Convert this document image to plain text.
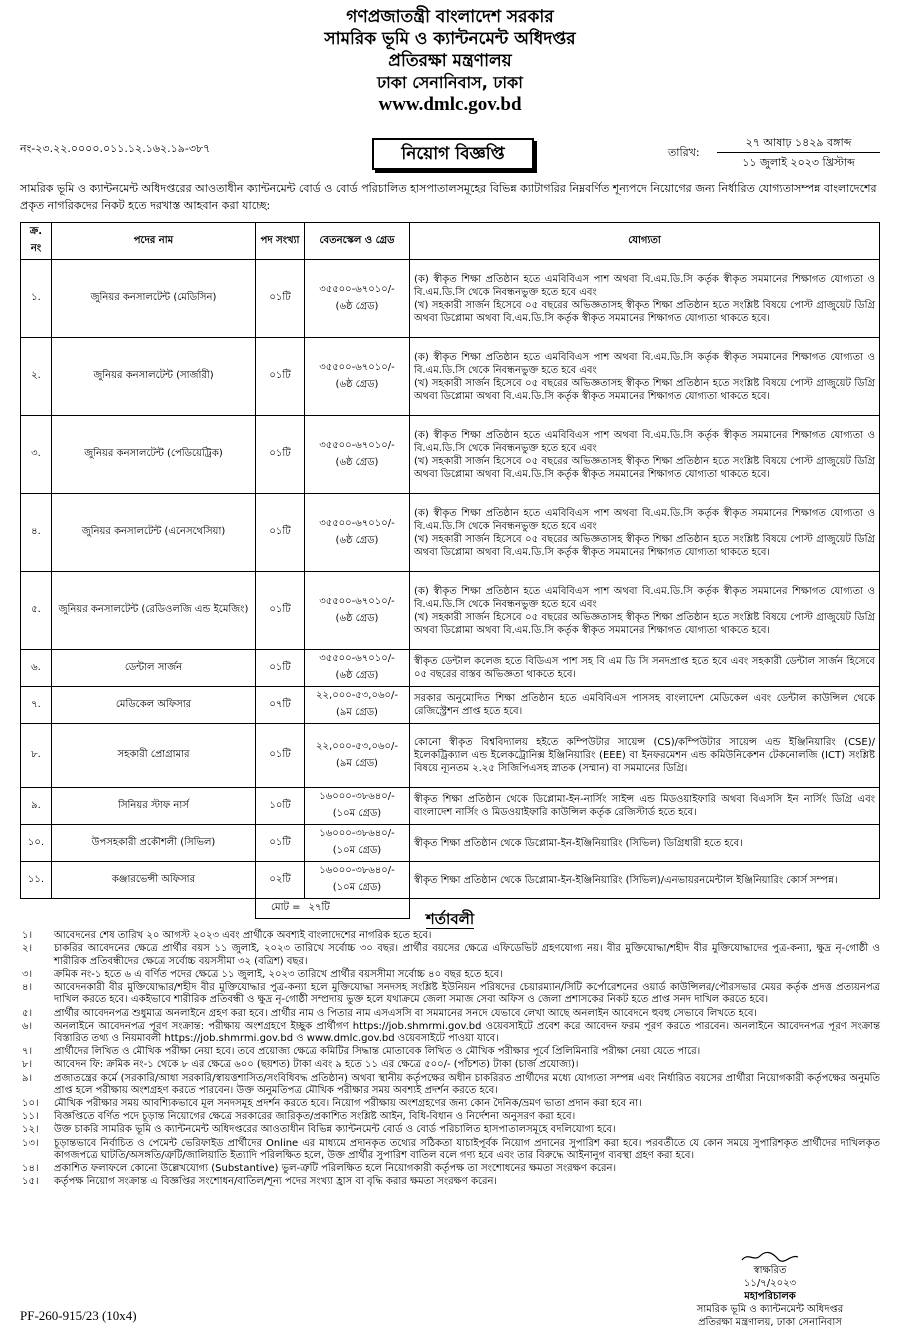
গণপ্রজাতন্ত্রী বাংলাদেশ সরকার
সামরিক ভূমি ও ক্যান্টনমেন্ট অধিদপ্তর
প্রতিরক্ষা মন্ত্রণালয়
ঢাকা সেনানিবাস, ঢাকা
www.dmlc.gov.bd
নং-২৩.২২.০০০০.০১১.১২.১৬২.১৯-৩৮৭	নিয়োগ বিজ্ঞপ্তি	তারিখ:
২৭ আষাঢ় ১৪২৯ বঙ্গাব্দ
১১ জুলাই ২০২৩ খ্রিস্টাব্দ
সামরিক ভূমি ও ক্যান্টনমেন্ট অধিদপ্তরের আওতাধীন ক্যান্টনমেন্ট বোর্ড ও বোর্ড পরিচালিত হাসপাতালসমূহের বিভিন্ন ক্যাটাগরির নিম্নবর্ণিত শূন্যপদে নিয়োগের জন্য নির্ধারিত যোগ্যতাসম্পন্ন বাংলাদেশের প্রকৃত নাগরিকদের নিকট হতে দরখাস্ত আহবান করা যাচ্ছে:
ক্র. নং	পদের নাম	পদ সংখ্যা	বেতনস্কেল ও গ্রেড	যোগ্যতা
১.	জুনিয়র কনসালটেন্ট (মেডিসিন)	০১টি	৩৫৫০০-৬৭০১০/-
(৬ষ্ঠ গ্রেড)	(ক) স্বীকৃত শিক্ষা প্রতিষ্ঠান হতে এমবিবিএস পাশ অথবা বি.এম.ডি.সি কর্তৃক স্বীকৃত সমমানের শিক্ষাগত যোগ্যতা ও বি.এম.ডি.সি থেকে নিবন্ধনভুক্ত হতে হবে এবং
(খ) সহকারী সার্জন হিসেবে ০৫ বছরের অভিজ্ঞতাসহ স্বীকৃত শিক্ষা প্রতিষ্ঠান হতে সংশ্লিষ্ট বিষয়ে পোস্ট গ্রাজুয়েট ডিগ্রি অথবা ডিপ্লোমা অথবা বি.এম.ডি.সি কর্তৃক স্বীকৃত সমমানের শিক্ষাগত যোগ্যতা থাকতে হবে।

২.	জুনিয়র কনসালটেন্ট (সার্জারী)	০১টি	৩৫৫০০-৬৭০১০/-
(৬ষ্ঠ গ্রেড)	(ক) স্বীকৃত শিক্ষা প্রতিষ্ঠান হতে এমবিবিএস পাশ অথবা বি.এম.ডি.সি কর্তৃক স্বীকৃত সমমানের শিক্ষাগত যোগ্যতা ও বি.এম.ডি.সি থেকে নিবন্ধনভুক্ত হতে হবে এবং
(খ) সহকারী সার্জন হিসেবে ০৫ বছরের অভিজ্ঞতাসহ স্বীকৃত শিক্ষা প্রতিষ্ঠান হতে সংশ্লিষ্ট বিষয়ে পোস্ট গ্রাজুয়েট ডিগ্রি অথবা ডিপ্লোমা অথবা বি.এম.ডি.সি কর্তৃক স্বীকৃত সমমানের শিক্ষাগত যোগ্যতা থাকতে হবে।

৩.	জুনিয়র কনসালটেন্ট (পেডিয়েট্রিক)	০১টি	৩৫৫০০-৬৭০১০/-
(৬ষ্ঠ গ্রেড)	(ক) স্বীকৃত শিক্ষা প্রতিষ্ঠান হতে এমবিবিএস পাশ অথবা বি.এম.ডি.সি কর্তৃক স্বীকৃত সমমানের শিক্ষাগত যোগ্যতা ও বি.এম.ডি.সি থেকে নিবন্ধনভুক্ত হতে হবে এবং
(খ) সহকারী সার্জন হিসেবে ০৫ বছরের অভিজ্ঞতাসহ স্বীকৃত শিক্ষা প্রতিষ্ঠান হতে সংশ্লিষ্ট বিষয়ে পোস্ট গ্রাজুয়েট ডিগ্রি অথবা ডিপ্লোমা অথবা বি.এম.ডি.সি কর্তৃক স্বীকৃত সমমানের শিক্ষাগত যোগ্যতা থাকতে হবে।

৪.	জুনিয়র কনসালটেন্ট (এনেসথেসিয়া)	০১টি	৩৫৫০০-৬৭০১০/-
(৬ষ্ঠ গ্রেড)	(ক) স্বীকৃত শিক্ষা প্রতিষ্ঠান হতে এমবিবিএস পাশ অথবা বি.এম.ডি.সি কর্তৃক স্বীকৃত সমমানের শিক্ষাগত যোগ্যতা ও বি.এম.ডি.সি থেকে নিবন্ধনভুক্ত হতে হবে এবং
(খ) সহকারী সার্জন হিসেবে ০৫ বছরের অভিজ্ঞতাসহ স্বীকৃত শিক্ষা প্রতিষ্ঠান হতে সংশ্লিষ্ট বিষয়ে পোস্ট গ্রাজুয়েট ডিগ্রি অথবা ডিপ্লোমা অথবা বি.এম.ডি.সি কর্তৃক স্বীকৃত সমমানের শিক্ষাগত যোগ্যতা থাকতে হবে।

৫.	জুনিয়র কনসালটেন্ট (রেডিওলজি এন্ড ইমেজিং)	০১টি	৩৫৫০০-৬৭০১০/-
(৬ষ্ঠ গ্রেড)	(ক) স্বীকৃত শিক্ষা প্রতিষ্ঠান হতে এমবিবিএস পাশ অথবা বি.এম.ডি.সি কর্তৃক স্বীকৃত সমমানের শিক্ষাগত যোগ্যতা ও বি.এম.ডি.সি থেকে নিবন্ধনভুক্ত হতে হবে এবং
(খ) সহকারী সার্জন হিসেবে ০৫ বছরের অভিজ্ঞতাসহ স্বীকৃত শিক্ষা প্রতিষ্ঠান হতে সংশ্লিষ্ট বিষয়ে পোস্ট গ্রাজুয়েট ডিগ্রি অথবা ডিপ্লোমা অথবা বি.এম.ডি.সি কর্তৃক স্বীকৃত সমমানের শিক্ষাগত যোগ্যতা থাকতে হবে।

৬.	ডেন্টাল সার্জন	০১টি	৩৫৫০০-৬৭০১০/-
(৬ষ্ঠ গ্রেড)	স্বীকৃত ডেন্টাল কলেজ হতে বিডিএস পাশ সহ বি এম ডি সি সনদপ্রাপ্ত হতে হবে এবং সহকারী ডেন্টাল সার্জন হিসেবে ০৫ বছরের বাস্তব অভিজ্ঞতা থাকতে হবে।

৭.	মেডিকেল অফিসার	০৭টি	২২,০০০-৫৩,০৬০/-
(৯ম গ্রেড)	সরকার অনুমোদিত শিক্ষা প্রতিষ্ঠান হতে এমবিবিএস পাসসহ বাংলাদেশ মেডিকেল এবং ডেন্টাল কাউন্সিল থেকে রেজিস্ট্রেশন প্রাপ্ত হতে হবে।

৮.	সহকারী প্রোগ্রামার	০১টি	২২,০০০-৫৩,০৬০/-
(৯ম গ্রেড)	কোনো স্বীকৃত বিশ্ববিদ্যালয় হইতে কম্পিউটার সায়েন্স (CS)/কম্পিউটার সায়েন্স এন্ড ইঞ্জিনিয়ারিং (CSE)/ইলেকট্রিক্যাল এন্ড ইলেকট্রোনিক্স ইঞ্জিনিয়ারিং (EEE) বা ইনফরমেশন এন্ড কমিউনিকেশন টেকনোলজি (ICT) সংশ্লিষ্ট বিষয়ে ন্যূনতম ২.২৫ সিজিপিএসহ স্নাতক (সম্মান) বা সমমানের ডিগ্রি।

৯.	সিনিয়র স্টাফ নার্স	১০টি	১৬০০০-৩৮৬৪০/-
(১০ম গ্রেড)	স্বীকৃত শিক্ষা প্রতিষ্ঠান থেকে ডিপ্লোমা-ইন-নার্সিং সাইন্স এন্ড মিডওয়াইফারি অথবা বিএসসি ইন নার্সিং ডিগ্রি এবং বাংলাদেশ নার্সিং ও মিডওয়াইফারি কাউন্সিল কর্তৃক রেজিস্টার্ড হতে হবে।

১০.	উপসহকারী প্রকৌশলী (সিভিল)	০১টি	১৬০০০-৩৮৬৪০/-
(১০ম গ্রেড)	স্বীকৃত শিক্ষা প্রতিষ্ঠান থেকে ডিপ্লোমা-ইন-ইঞ্জিনিয়ারিং (সিভিল) ডিগ্রিধারী হতে হবে।

১১.	কঞ্জারভেন্সী অফিসার	০২টি	১৬০০০-৩৮৬৪০/-
(১০ম গ্রেড)	স্বীকৃত শিক্ষা প্রতিষ্ঠান থেকে ডিপ্লোমা-ইন-ইঞ্জিনিয়ারিং (সিভিল)/এনভায়রনমেন্টাল ইঞ্জিনিয়ারিং কোর্স সম্পন্ন।

		মোট =	২৭টি	
শর্তাবলী
১।	আবেদনের শেষ তারিখ ২০ আগস্ট ২০২৩ এবং প্রার্থীকে অবশ্যই বাংলাদেশের নাগরিক হতে হবে।
২।	চাকরির আবেদনের ক্ষেত্রে প্রার্থীর বয়স ১১ জুলাই, ২০২৩ তারিখে সর্বোচ্চ ৩০ বছর। প্রার্থীর বয়সের ক্ষেত্রে এফিডেভিট গ্রহণযোগ্য নয়। বীর মুক্তিযোদ্ধা/শহীদ বীর মুক্তিযোদ্ধাদের পুত্র-কন্যা, ক্ষুদ্র নৃ-গোষ্ঠী ও শারীরিক প্রতিবন্ধীদের ক্ষেত্রে সর্বোচ্চ বয়সসীমা ৩২ (বত্রিশ) বছর।
৩।	ক্রমিক নং-১ হতে ৬ এ বর্ণিত পদের ক্ষেত্রে ১১ জুলাই, ২০২৩ তারিখে প্রার্থীর বয়সসীমা সর্বোচ্চ ৪০ বছর হতে হবে।
৪।	আবেদনকারী বীর মুক্তিযোদ্ধার/শহীদ বীর মুক্তিযোদ্ধার পুত্র-কন্যা হলে মুক্তিযোদ্ধা সনদসহ সংশ্লিষ্ট ইউনিয়ন পরিষদের চেয়ারম্যান/সিটি কর্পোরেশনের ওয়ার্ড কাউন্সিলর/পৌরসভার মেয়র কর্তৃক প্রদত্ত প্রত্যয়নপত্র দাখিল করতে হবে। একইভাবে শারীরিক প্রতিবন্ধী ও ক্ষুদ্র নৃ-গোষ্ঠী সম্প্রদায় ভুক্ত হলে যথাক্রমে জেলা সমাজ সেবা অফিস ও জেলা প্রশাসকের নিকট হতে প্রাপ্ত সনদ দাখিল করতে হবে।
৫।	প্রার্থীর আবেদনপত্র শুধুমাত্র অনলাইনে গ্রহণ করা হবে। প্রার্থীর নাম ও পিতার নাম এসএসসি বা সমমানের সনদে যেভাবে লেখা আছে অনলাইন আবেদনে হুবহু সেভাবে লিখতে হবে।
৬।	অনলাইনে আবেদনপত্র পূরণ সংক্রান্ত: পরীক্ষায় অংশগ্রহণে ইচ্ছুক প্রার্থীগণ https://job.shmrmi.gov.bd ওয়েবসাইটে প্রবেশ করে আবেদন ফরম পূরণ করতে পারবেন। অনলাইনে আবেদনপত্র পূরণ সংক্রান্ত বিস্তারিত তথ্য ও নিয়মাবলী https://job.shmrmi.gov.bd ও www.dmlc.gov.bd ওয়েবসাইটে পাওয়া যাবে।
৭।	প্রার্থীদের লিখিত ও মৌখিক পরীক্ষা নেয়া হবে। তবে প্রয়োজ্য ক্ষেত্রে কমিটির সিদ্ধান্ত মোতাবেক লিখিত ও মৌখিক পরীক্ষার পূর্বে প্রিলিমিনারি পরীক্ষা নেয়া যেতে পারে।
৮।	আবেদন ফি: ক্রমিক নং-১ থেকে ৮ এর ক্ষেত্রে ৬০০ (ছয়শত) টাকা এবং ৯ হতে ১১ এর ক্ষেত্রে ৫০০/- (পাঁচশত) টাকা (চার্জ প্রযোজ্য)।
৯।	প্রজাতন্ত্রের কর্মে (সরকারি/আধা সরকারি/স্বায়ত্তশাসিত/সংবিধিবদ্ধ প্রতিষ্ঠান) অথবা স্থানীয় কর্তৃপক্ষের অধীন চাকরিরত প্রার্থীদের মধ্যে যোগ্যতা সম্পন্ন এবং নির্ধারিত বয়সের প্রার্থীরা নিয়োগকারী কর্তৃপক্ষের অনুমতি প্রাপ্ত হলে পরীক্ষায় অংশগ্রহণ করতে পারবেন। উক্ত অনুমতিপত্র মৌখিক পরীক্ষার সময় অবশ্যই প্রদর্শন করতে হবে।
১০।	মৌখিক পরীক্ষার সময় আবশ্যিকভাবে মূল সনদসমূহ প্রদর্শন করতে হবে। নিয়োগ পরীক্ষায় অংশগ্রহণের জন্য কোন দৈনিক/ভ্রমণ ভাতা প্রদান করা হবে না।
১১।	বিজ্ঞপ্তিতে বর্ণিত পদে চূড়ান্ত নিয়োগের ক্ষেত্রে সরকারের জারিকৃত/প্রকাশিত সংশ্লিষ্ট আইন, বিধি-বিধান ও নির্দেশনা অনুসরণ করা হবে।
১২।	উক্ত চাকরি সামরিক ভূমি ও ক্যান্টনমেন্ট অধিদপ্তরের আওতাধীন বিভিন্ন ক্যান্টনমেন্ট বোর্ড ও বোর্ড পরিচালিত হাসপাতালসমূহে বদলিযোগ্য হবে।
১৩।	চূড়ান্তভাবে নির্বাচিত ও পেমেন্ট ভেরিফাইড প্রার্থীদের Online এর মাধ্যমে প্রদানকৃত তথ্যের সঠিকতা যাচাইপূর্বক নিয়োগ প্রদানের সুপারিশ করা হবে। পরবর্তীতে যে কোন সময়ে সুপারিশকৃত প্রার্থীদের দাখিলকৃত কাগজপত্রে ঘাটতি/অসঙ্গতি/ত্রুটি/জালিয়াতি ইত্যাদি পরিলক্ষিত হলে, উক্ত প্রার্থীর সুপারিশ বাতিল বলে গণ্য হবে এবং তার বিরুদ্ধে আইনানুগ ব্যবস্থা গ্রহণ করা হবে।
১৪।	প্রকাশিত ফলাফলে কোনো উল্লেখযোগ্য (Substantive) ভুল-ত্রুটি পরিলক্ষিত হলে নিয়োগকারী কর্তৃপক্ষ তা সংশোধনের ক্ষমতা সংরক্ষণ করেন।
১৫।	কর্তৃপক্ষ নিয়োগ সংক্রান্ত এ বিজ্ঞপ্তির সংশোধন/বাতিল/শূন্য পদের সংখ্যা হ্রাস বা বৃদ্ধি করার ক্ষমতা সংরক্ষণ করেন।
স্বাক্ষরিত
১১/৭/২০২৩
মহাপরিচালক
সামরিক ভূমি ও ক্যান্টনমেন্ট অধিদপ্তর
প্রতিরক্ষা মন্ত্রণালয়, ঢাকা সেনানিবাস
PF-260-915/23 (10x4)
